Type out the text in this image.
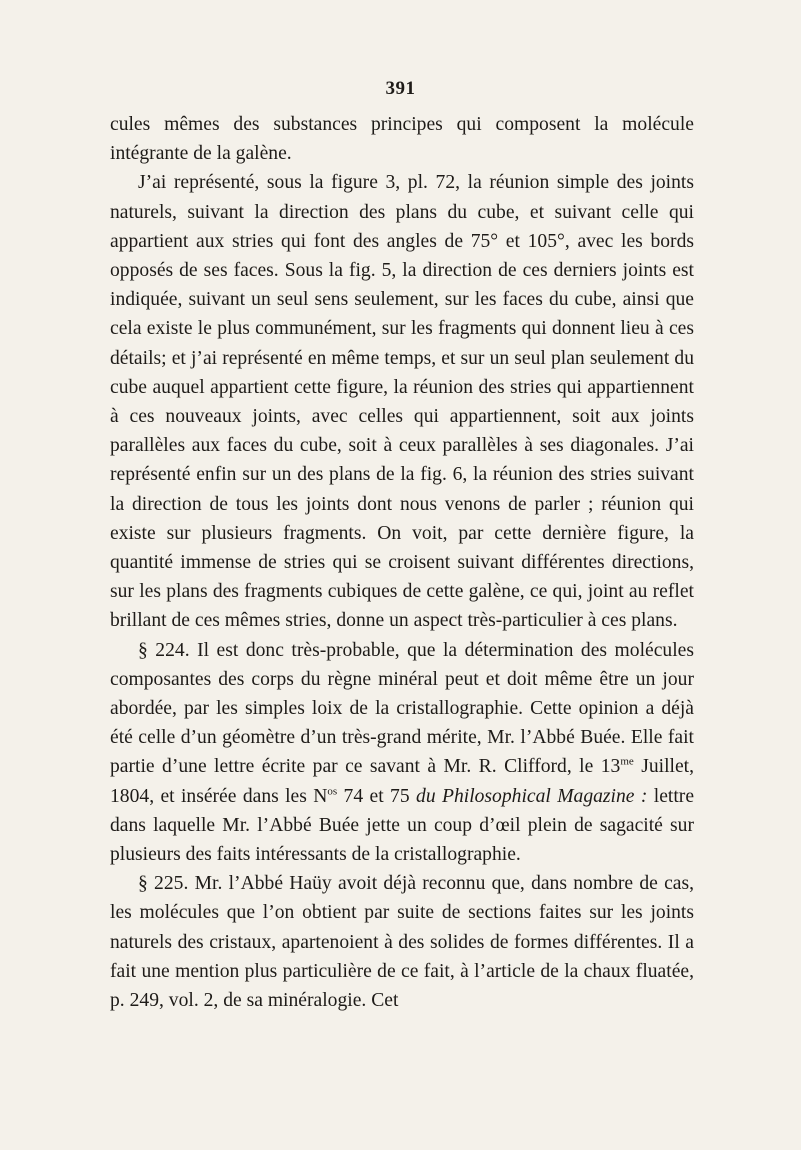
391

cules mêmes des substances principes qui composent la molécule intégrante de la galène.

J’ai représenté, sous la figure 3, pl. 72, la réunion simple des joints naturels, suivant la direction des plans du cube, et suivant celle qui appartient aux stries qui font des angles de 75° et 105°, avec les bords opposés de ses faces. Sous la fig. 5, la direction de ces derniers joints est indiquée, suivant un seul sens seulement, sur les faces du cube, ainsi que cela existe le plus communément, sur les fragments qui donnent lieu à ces détails; et j’ai représenté en même temps, et sur un seul plan seulement du cube auquel appartient cette figure, la réunion des stries qui appartiennent à ces nouveaux joints, avec celles qui appartiennent, soit aux joints parallèles aux faces du cube, soit à ceux parallèles à ses diagonales. J’ai représenté enfin sur un des plans de la fig. 6, la réunion des stries suivant la direction de tous les joints dont nous venons de parler ; réunion qui existe sur plusieurs fragments. On voit, par cette dernière figure, la quantité immense de stries qui se croisent suivant différentes directions, sur les plans des fragments cubiques de cette galène, ce qui, joint au reflet brillant de ces mêmes stries, donne un aspect très-particulier à ces plans.

§ 224. Il est donc très-probable, que la détermination des molécules composantes des corps du règne minéral peut et doit même être un jour abordée, par les simples loix de la cristallographie. Cette opinion a déjà été celle d’un géomètre d’un très-grand mérite, Mr. l’Abbé Buée. Elle fait partie d’une lettre écrite par ce savant à Mr. R. Clifford, le $13^{me}$ Juillet, 1804, et insérée dans les $N^{os}$ 74 et 75 du Philosophical Magazine : lettre dans laquelle Mr. l’Abbé Buée jette un coup d’œil plein de sagacité sur plusieurs des faits intéressants de la cristallographie.

§ 225. Mr. l’Abbé Haüy avoit déjà reconnu que, dans nombre de cas, les molécules que l’on obtient par suite de sections faites sur les joints naturels des cristaux, apartenoient à des solides de formes différentes. Il a fait une mention plus particulière de ce fait, à l’article de la chaux fluatée, p. 249, vol. 2, de sa minéralogie. Cet
